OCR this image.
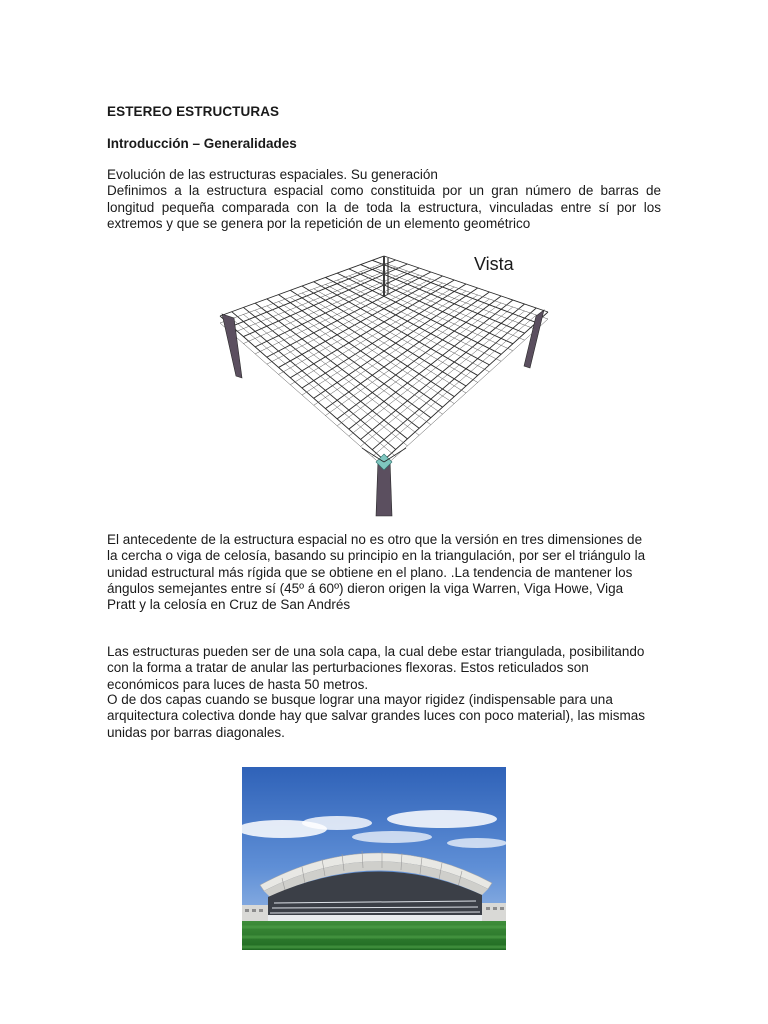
ESTEREO ESTRUCTURAS
Introducción – Generalidades
Evolución de las estructuras espaciales. Su generación
Definimos a la estructura espacial como constituida por un gran número de barras de
longitud pequeña comparada con la de toda la estructura, vinculadas entre sí por los
extremos y que se genera por la repetición de un elemento geométrico
Vista
El antecedente de la estructura espacial no es otro que la versión en tres dimensiones de
la cercha o viga de celosía, basando su principio en la triangulación, por ser el triángulo la
unidad estructural más rígida que se obtiene en el plano. .La tendencia de mantener los
ángulos semejantes entre sí (45º á 60º) dieron origen la viga Warren, Viga Howe, Viga
Pratt y la celosía en Cruz de San Andrés
Las estructuras pueden ser de una sola capa, la cual debe estar triangulada, posibilitando
con la forma a tratar de anular las perturbaciones flexoras. Estos reticulados son
económicos para luces de hasta 50 metros.
O de dos capas cuando se busque lograr una mayor rigidez (indispensable para una
arquitectura colectiva donde hay que salvar grandes luces con poco material), las mismas
unidas por barras diagonales.
